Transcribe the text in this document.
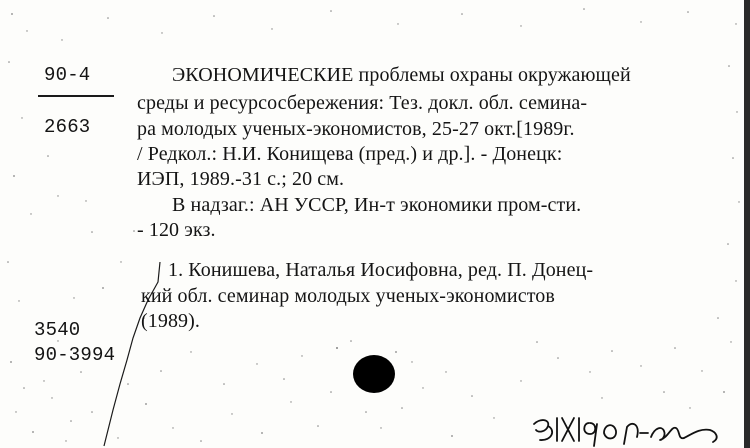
90-4
2663
ЭКОНОМИЧЕСКИЕ проблемы охраны окружающей
среды и ресурсосбережения: Тез. докл. обл. семина-
ра молодых ученых-экономистов, 25-27 окт.[1989г.
/ Редкол.: Н.И. Конищева (пред.) и др.]. - Донецк:
ИЭП, 1989.-31 с.; 20 см.
В надзаг.: АН УССР, Ин-т экономики пром-сти.
- 120 экз.
1. Конишева, Наталья Иосифовна, ред. П. Донец-
кий обл. семинар молодых ученых-экономистов
(1989).
3540
90-3994
